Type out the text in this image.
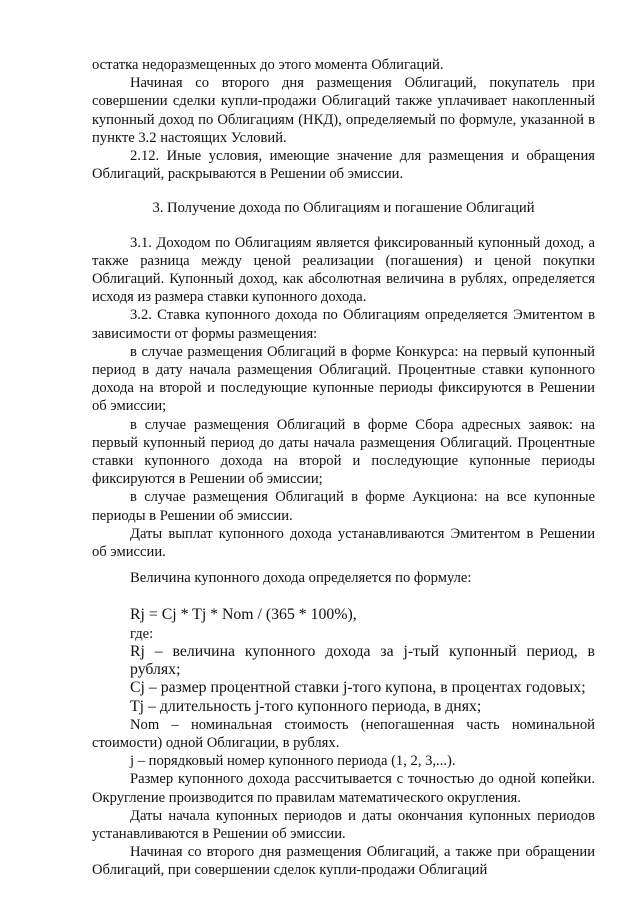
остатка недоразмещенных до этого момента Облигаций.

Начиная со второго дня размещения Облигаций, покупатель при совершении сделки купли-продажи Облигаций также уплачивает накопленный купонный доход по Облигациям (НКД), определяемый по формуле, указанной в пункте 3.2 настоящих Условий.

2.12. Иные условия, имеющие значение для размещения и обращения Облигаций, раскрываются в Решении об эмиссии.

3. Получение дохода по Облигациям и погашение Облигаций

3.1. Доходом по Облигациям является фиксированный купонный доход, а также разница между ценой реализации (погашения) и ценой покупки Облигаций. Купонный доход, как абсолютная величина в рублях, определяется исходя из размера ставки купонного дохода.

3.2. Ставка купонного дохода по Облигациям определяется Эмитентом в зависимости от формы размещения:

в случае размещения Облигаций в форме Конкурса: на первый купонный период в дату начала размещения Облигаций. Процентные ставки купонного дохода на второй и последующие купонные периоды фиксируются в Решении об эмиссии;

в случае размещения Облигаций в форме Сбора адресных заявок: на первый купонный период до даты начала размещения Облигаций. Процентные ставки купонного дохода на второй и последующие купонные периоды фиксируются в Решении об эмиссии;

в случае размещения Облигаций в форме Аукциона: на все купонные периоды в Решении об эмиссии.

Даты выплат купонного дохода устанавливаются Эмитентом в Решении об эмиссии.

Величина купонного дохода определяется по формуле:

Rj = Cj * Tj * Nom / (365 * 100%),

где:

Rj – величина купонного дохода за j-тый купонный период, в рублях;

Cj – размер процентной ставки j-того купона, в процентах годовых;

Tj – длительность j-того купонного периода, в днях;

Nom – номинальная стоимость (непогашенная часть номинальной стоимости) одной Облигации, в рублях.

j – порядковый номер купонного периода (1, 2, 3,...).

Размер купонного дохода рассчитывается с точностью до одной копейки. Округление производится по правилам математического округления.

Даты начала купонных периодов и даты окончания купонных периодов устанавливаются в Решении об эмиссии.

Начиная со второго дня размещения Облигаций, а также при обращении Облигаций, при совершении сделок купли-продажи Облигаций
